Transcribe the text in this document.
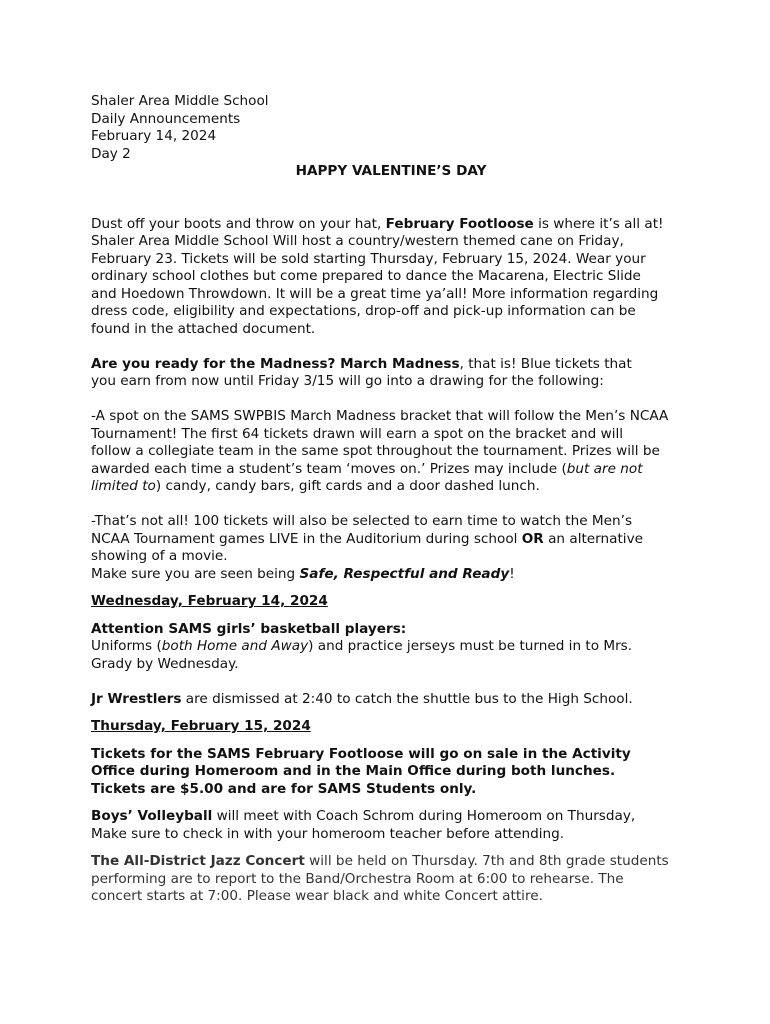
Shaler Area Middle School
Daily Announcements
February 14, 2024
Day 2
HAPPY VALENTINE’S DAY
Dust off your boots and throw on your hat, February Footloose is where it’s all at!
Shaler Area Middle School Will host a country/western themed cane on Friday,
February 23. Tickets will be sold starting Thursday, February 15, 2024. Wear your
ordinary school clothes but come prepared to dance the Macarena, Electric Slide
and Hoedown Throwdown. It will be a great time ya’all! More information regarding
dress code, eligibility and expectations, drop-off and pick-up information can be
found in the attached document.
Are you ready for the Madness? March Madness, that is! Blue tickets that
you earn from now until Friday 3/15 will go into a drawing for the following:
-A spot on the SAMS SWPBIS March Madness bracket that will follow the Men’s NCAA
Tournament! The first 64 tickets drawn will earn a spot on the bracket and will
follow a collegiate team in the same spot throughout the tournament. Prizes will be
awarded each time a student’s team ‘moves on.’ Prizes may include (but are not
limited to) candy, candy bars, gift cards and a door dashed lunch.
-That’s not all! 100 tickets will also be selected to earn time to watch the Men’s
NCAA Tournament games LIVE in the Auditorium during school OR an alternative
showing of a movie.
Make sure you are seen being Safe, Respectful and Ready!
Wednesday, February 14, 2024
Attention SAMS girls’ basketball players:
Uniforms (both Home and Away) and practice jerseys must be turned in to Mrs.
Grady by Wednesday.
Jr Wrestlers are dismissed at 2:40 to catch the shuttle bus to the High School.
Thursday, February 15, 2024
Tickets for the SAMS February Footloose will go on sale in the Activity
Office during Homeroom and in the Main Office during both lunches.
Tickets are $5.00 and are for SAMS Students only.
Boys’ Volleyball will meet with Coach Schrom during Homeroom on Thursday,
Make sure to check in with your homeroom teacher before attending.
The All-District Jazz Concert will be held on Thursday. 7th and 8th grade students
performing are to report to the Band/Orchestra Room at 6:00 to rehearse. The
concert starts at 7:00. Please wear black and white Concert attire.
